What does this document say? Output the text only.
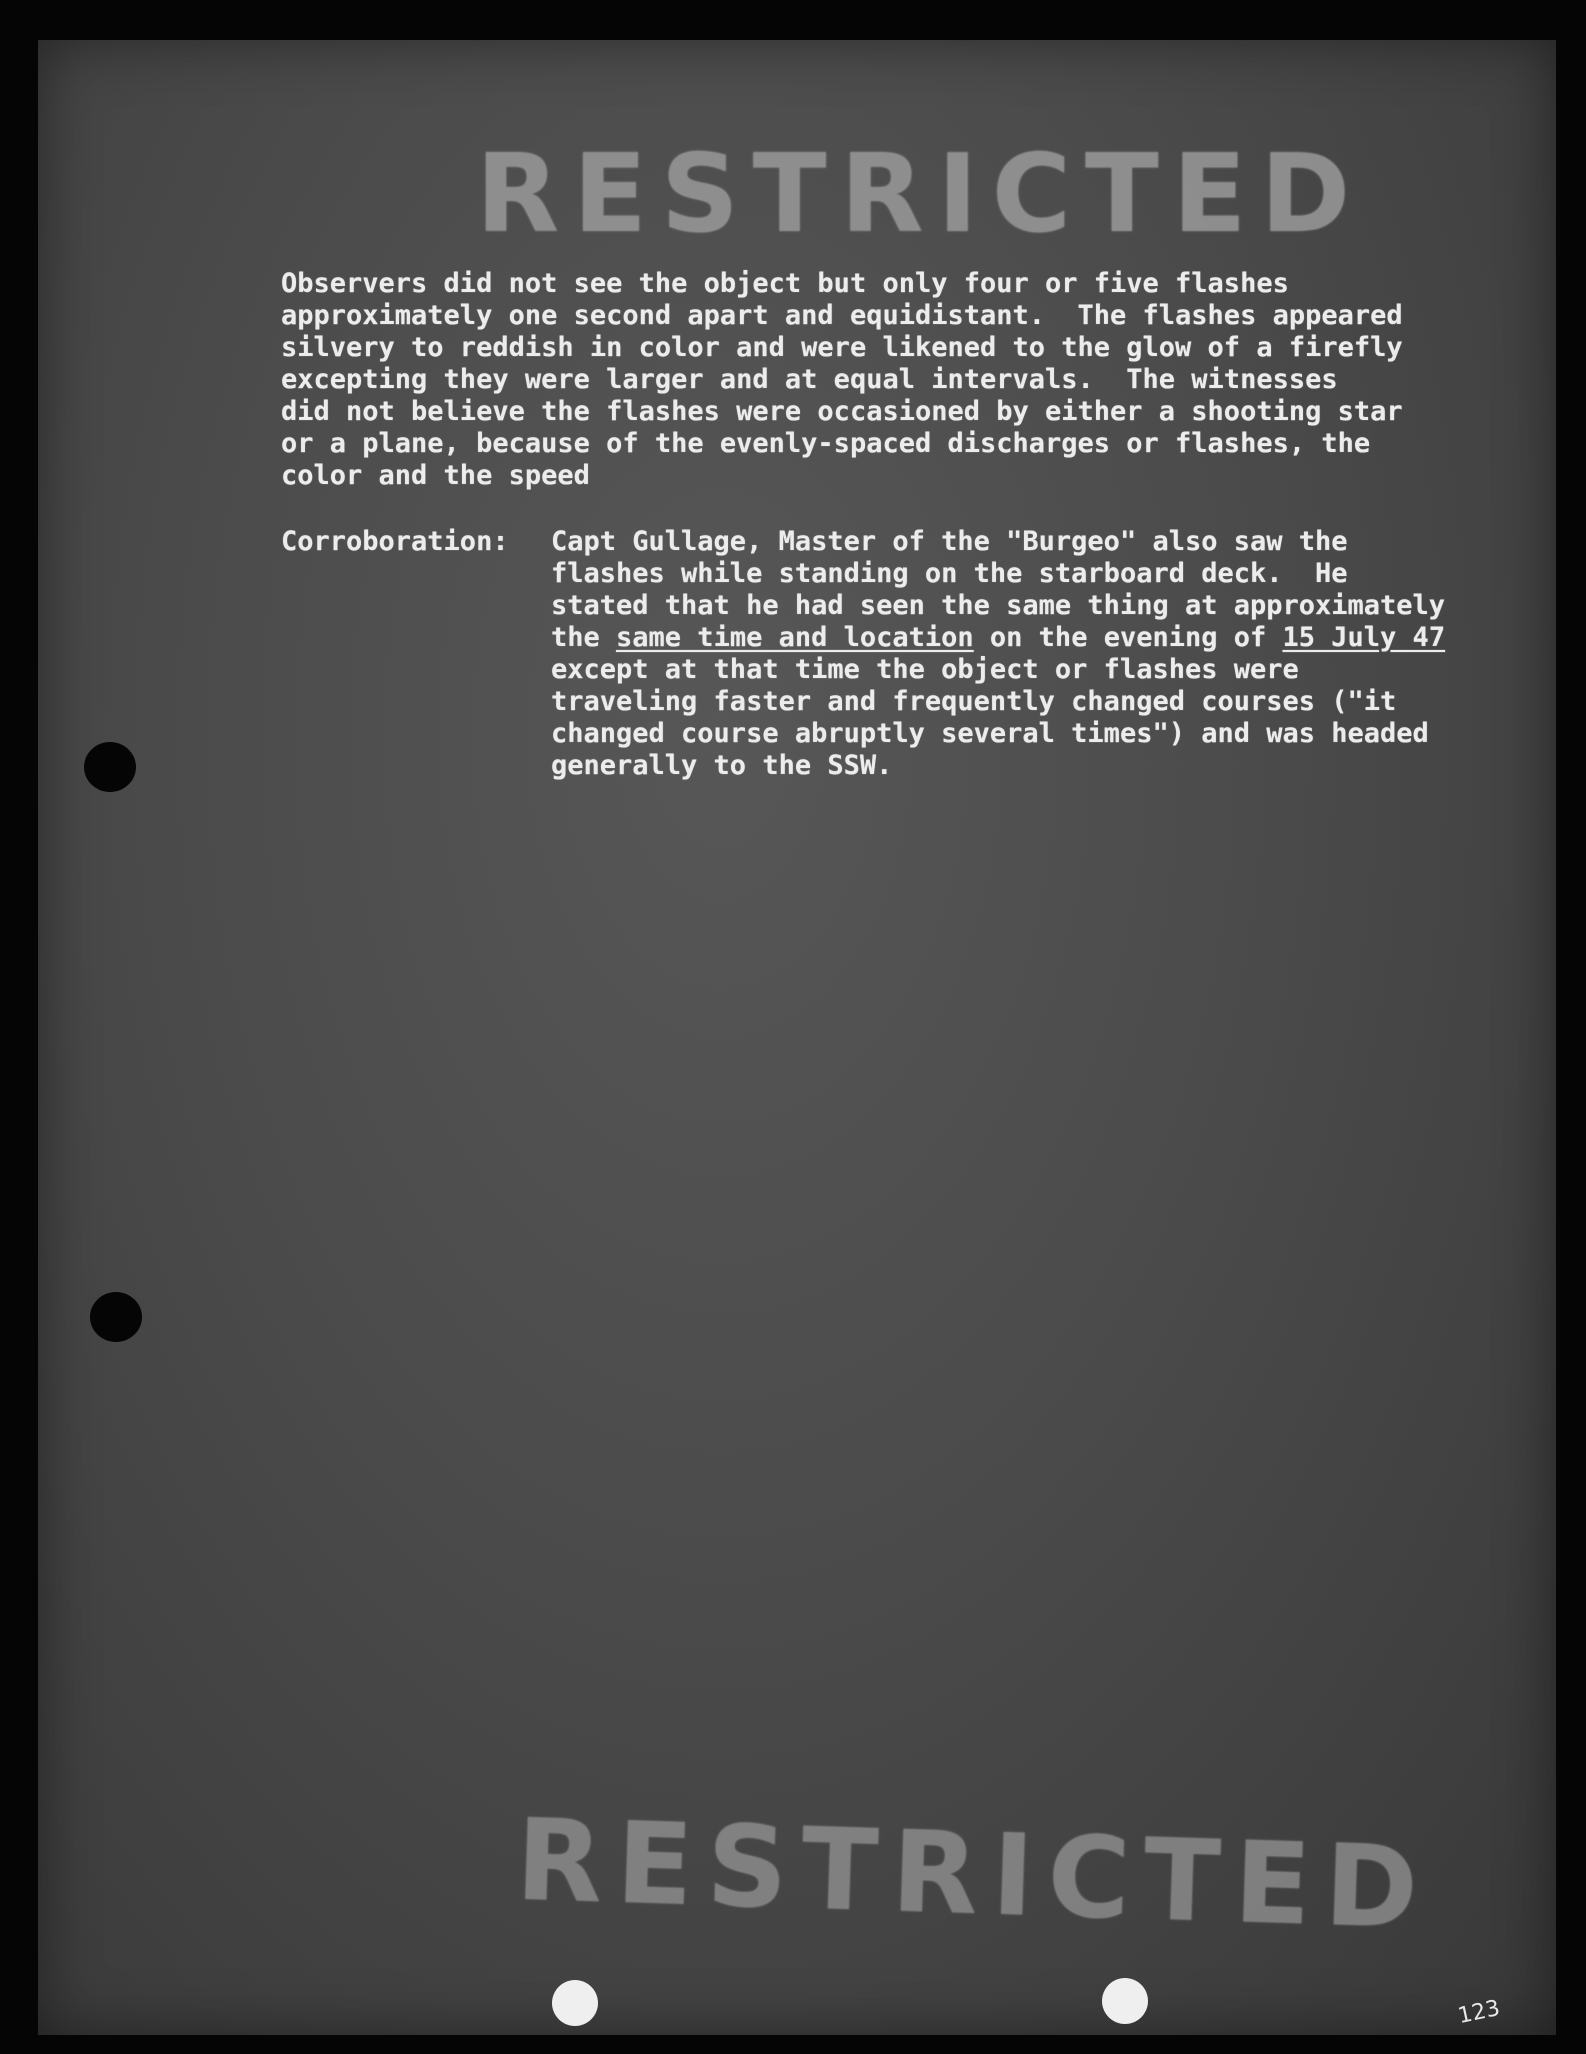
RESTRICTED
Observers did not see the object but only four or five flashes
approximately one second apart and equidistant.  The flashes appeared
silvery to reddish in color and were likened to the glow of a firefly
excepting they were larger and at equal intervals.  The witnesses
did not believe the flashes were occasioned by either a shooting star
or a plane, because of the evenly-spaced discharges or flashes, the
color and the speed
Corroboration: Capt Gullage, Master of the "Burgeo" also saw the
flashes while standing on the starboard deck.  He
stated that he had seen the same thing at approximately
the same time and location on the evening of 15 July 47
except at that time the object or flashes were
traveling faster and frequently changed courses ("it
changed course abruptly several times") and was headed
generally to the SSW.
RESTRICTED
123
